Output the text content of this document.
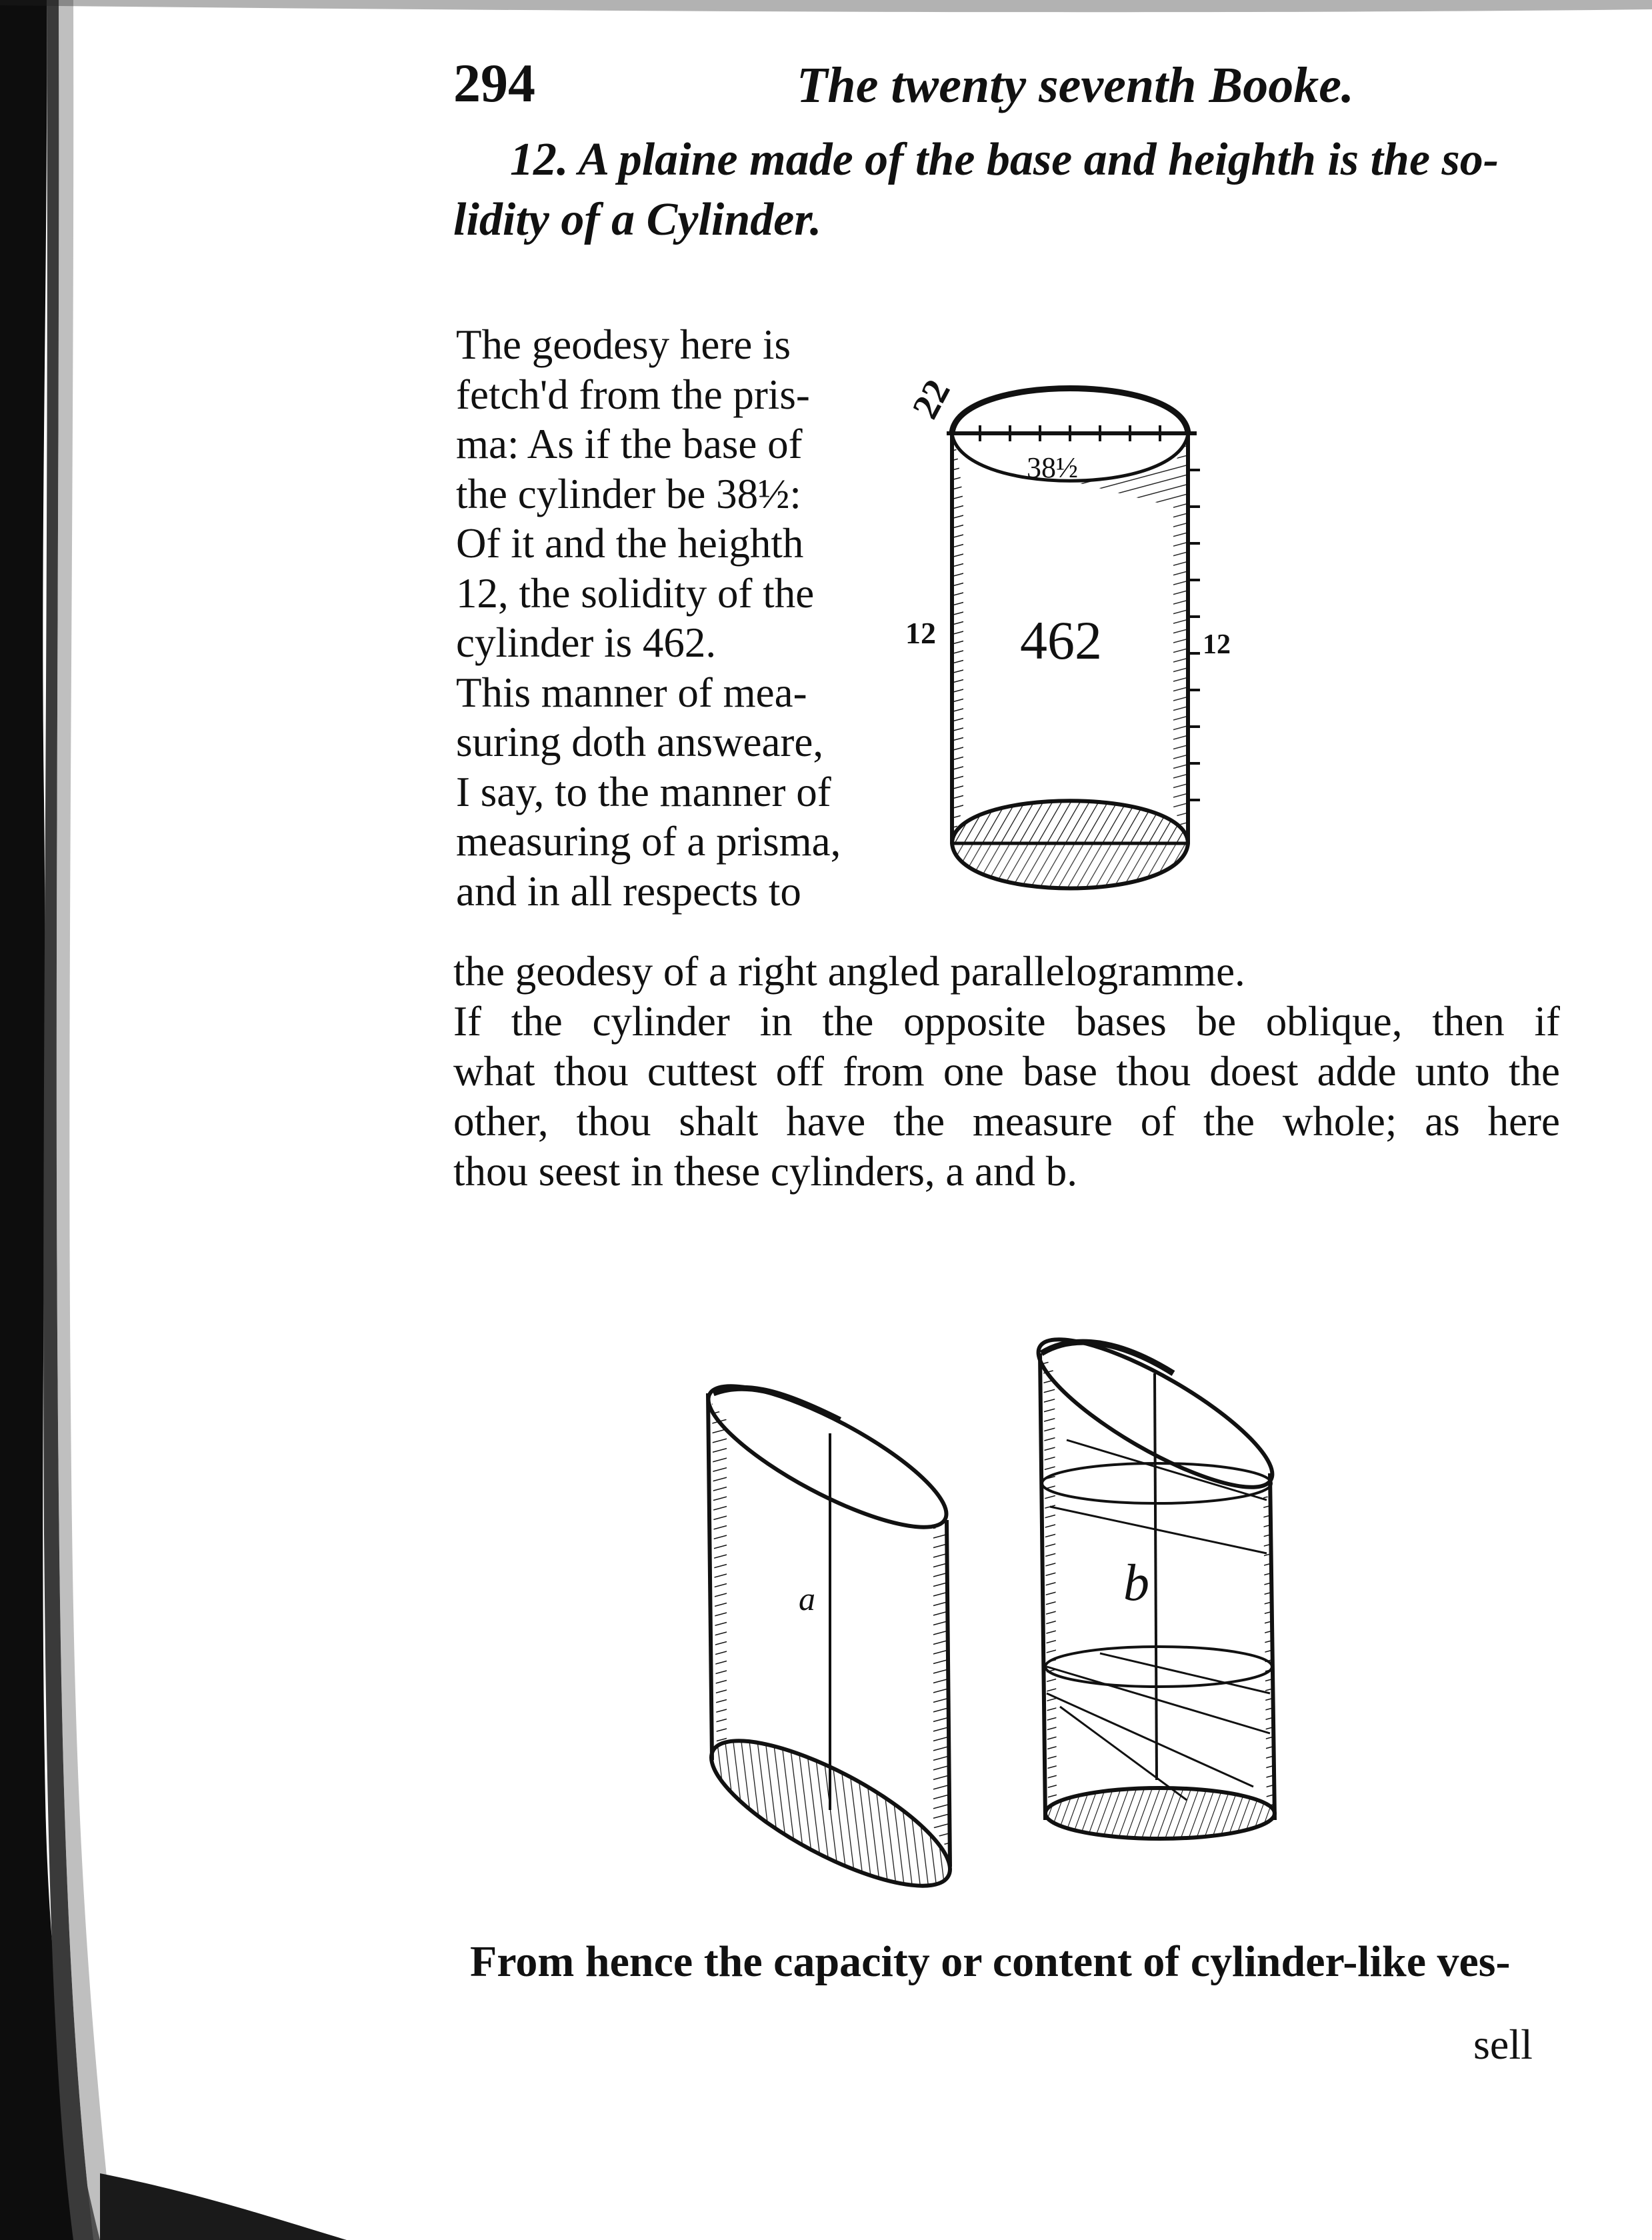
294	The twenty seventh Booke.
12. A plaine made of the base and heighth is the so-
lidity of a Cylinder.
The geodesy here is
fetch'd from the pris-
ma: As if the base of
the cylinder be 38½:
Of it and the heighth
12, the solidity of the
cylinder is 462.
This manner of mea-
suring doth answeare,
I say, to the manner of
measuring of a prisma,
and in all respects to
the geodesy of a right angled parallelogramme.
If the cylinder in the opposite bases be oblique, then if
what thou cuttest off from one base thou doest adde unto the
other, thou shalt have the measure of the whole; as here
thou seest in these cylinders, a and b.
22
38½
462
12	12
a	b
From hence the capacity or content of cylinder-like ves-
sell
